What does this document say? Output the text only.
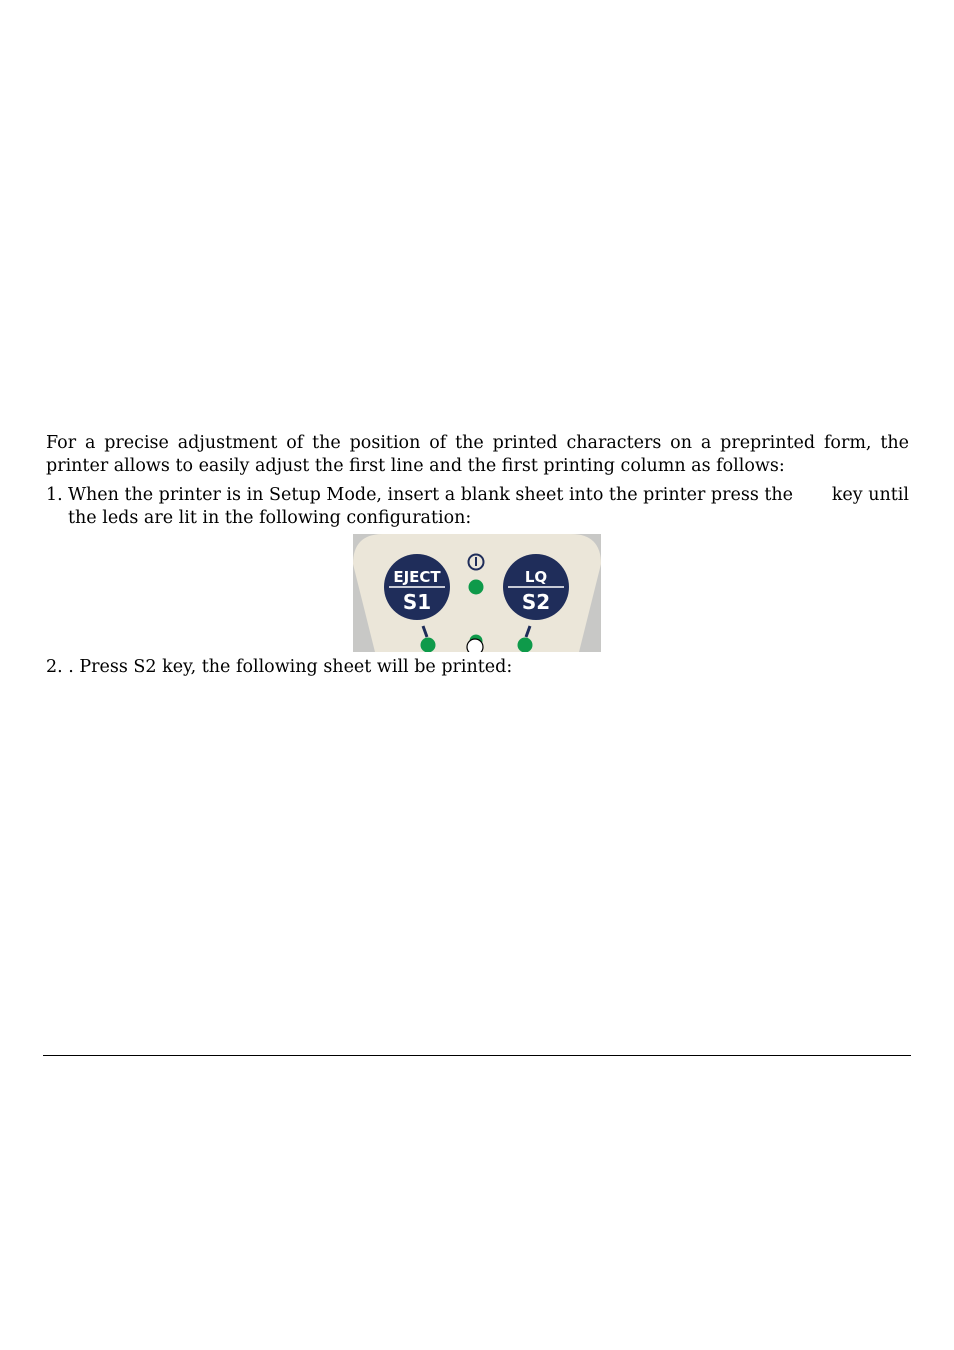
For a precise adjustment of the position of the printed characters on a preprinted form, the
printer allows to easily adjust the first line and the first printing column as follows:
1. When the printer is in Setup Mode, insert a blank sheet into the printer press the key until
the leds are lit in the following configuration:
EJECT
S1
LQ
S2
2. . Press S2 key, the following sheet will be printed:
